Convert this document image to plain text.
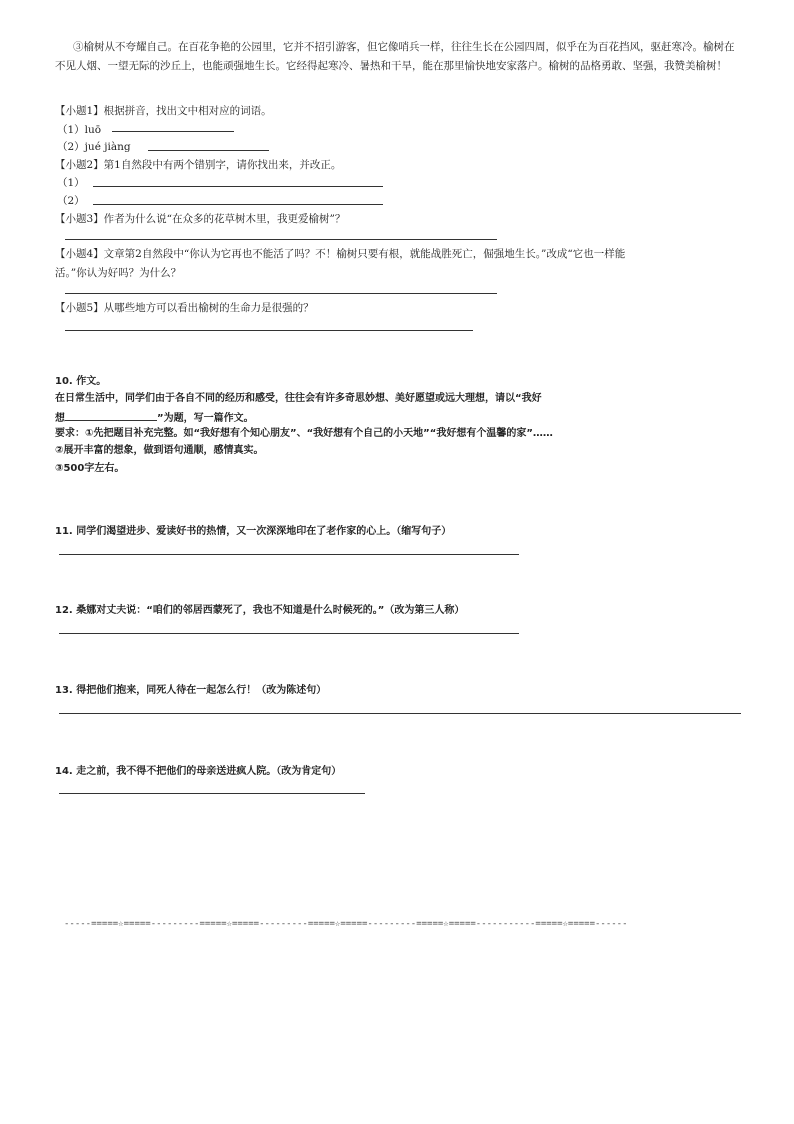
③榆树从不夸耀自己。在百花争艳的公园里，它并不招引游客，但它像哨兵一样，往往生长在公园四周，似乎在为百花挡风，驱赶寒冷。榆树在不见人烟、一望无际的沙丘上，也能顽强地生长。它经得起寒冷、暑热和干旱，能在那里愉快地安家落户。榆树的品格勇敢、坚强，我赞美榆树！
【小题1】根据拼音，找出文中相对应的词语。
（1）luō
（2）jué jiàng
【小题2】第1自然段中有两个错别字，请你找出来，并改正。
（1）
（2）
【小题3】作者为什么说“在众多的花草树木里，我更爱榆树”？
【小题4】文章第2自然段中“你认为它再也不能活了吗？不！榆树只要有根，就能战胜死亡，倔强地生长。”改成“它也一样能
活。”你认为好吗？为什么？
【小题5】从哪些地方可以看出榆树的生命力是很强的？
10. 作文。
在日常生活中，同学们由于各自不同的经历和感受，往往会有许多奇思妙想、美好愿望或远大理想，请以“我好
想	”为题，写一篇作文。
要求：①先把题目补充完整。如“我好想有个知心朋友”、“我好想有个自己的小天地”“我好想有个温馨的家”……
②展开丰富的想象，做到语句通顺，感情真实。
③500字左右。
11. 同学们渴望进步、爱读好书的热情，又一次深深地印在了老作家的心上。（缩写句子）
12. 桑娜对丈夫说：“咱们的邻居西蒙死了，我也不知道是什么时候死的。”（改为第三人称）
13. 得把他们抱来，同死人待在一起怎么行！（改为陈述句）
14. 走之前，我不得不把他们的母亲送进疯人院。（改为肯定句）
-----=====☆=====---------=====☆=====---------=====☆=====---------=====☆=====-----------=====☆=====------
